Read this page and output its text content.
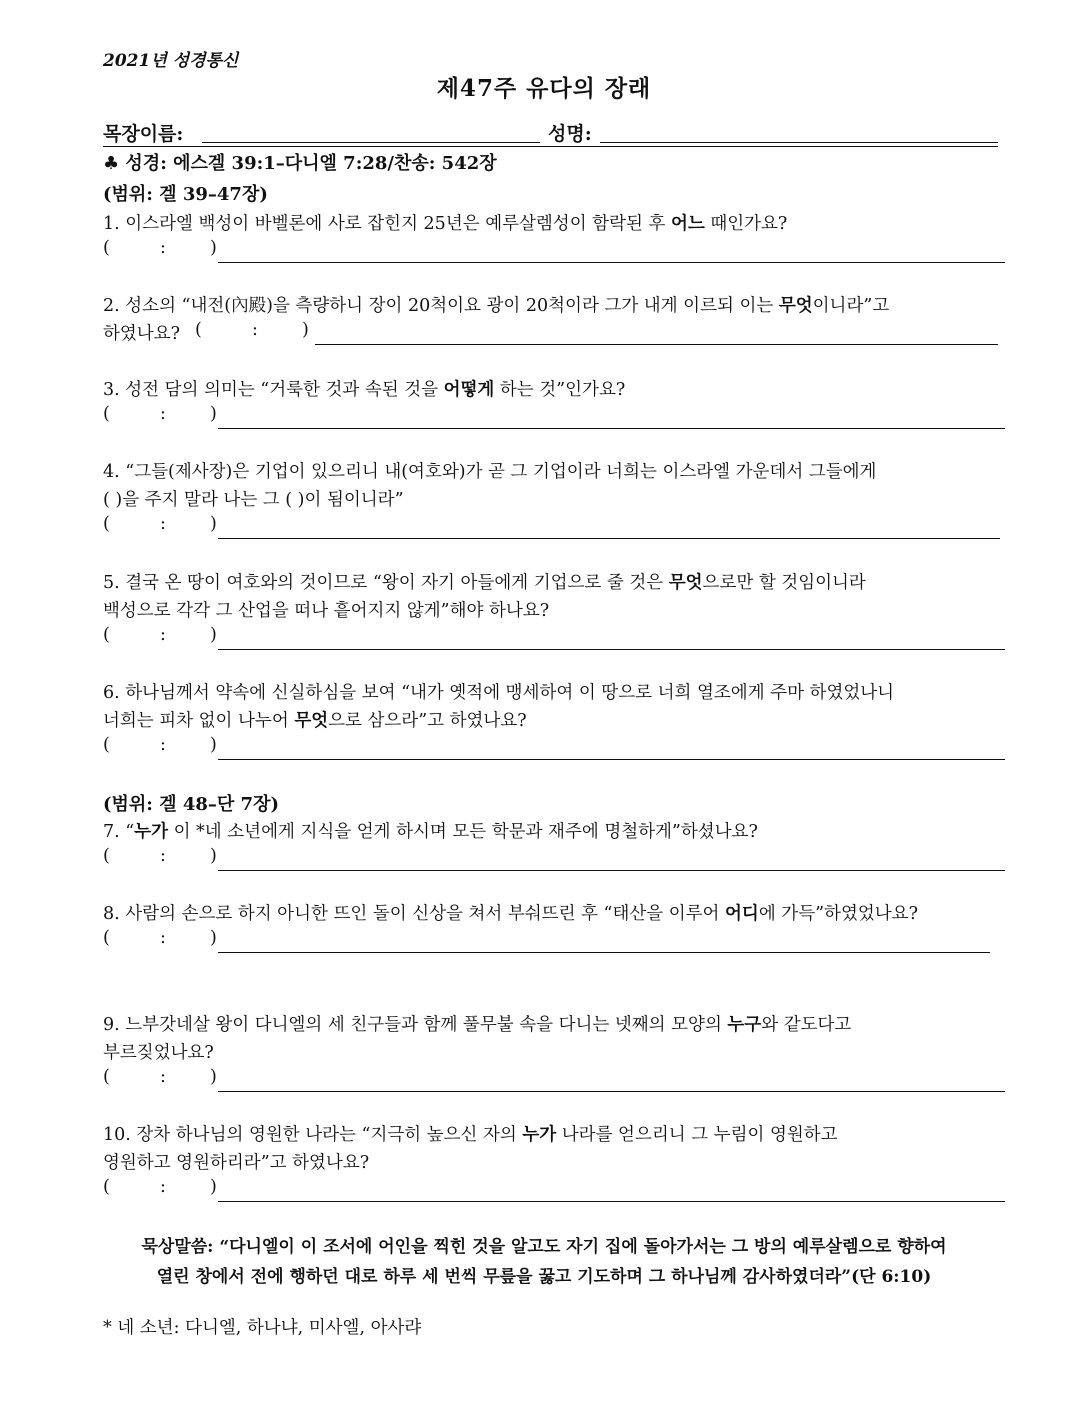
2021년 성경통신
제47주 유다의 장래
목장이름:	성명:
♣ 성경: 에스겔 39:1–다니엘 7:28/찬송: 542장
(범위: 겔 39–47장)
(범위: 겔 48–단 7장)
1. 이스라엘 백성이 바벨론에 사로 잡힌지 25년은 예루살렘성이 함락된 후 어느 때인가요?
(	:	)
2. 성소의 “내전(內殿)을 측량하니 장이 20척이요 광이 20척이라 그가 내게 이르되 이는 무엇이니라”고
하였나요? (	:	)
3. 성전 담의 의미는 “거룩한 것과 속된 것을 어떻게 하는 것”인가요?
(	:	)
4. “그들(제사장)은 기업이 있으리니 내(여호와)가 곧 그 기업이라 너희는 이스라엘 가운데서 그들에게
( )을 주지 말라 나는 그 ( )이 됨이니라”
(	:	)
5. 결국 온 땅이 여호와의 것이므로 “왕이 자기 아들에게 기업으로 줄 것은 무엇으로만 할 것임이니라
백성으로 각각 그 산업을 떠나 흩어지지 않게”해야 하나요?
(	:	)
6. 하나님께서 약속에 신실하심을 보여 “내가 옛적에 맹세하여 이 땅으로 너희 열조에게 주마 하였었나니
너희는 피차 없이 나누어 무엇으로 삼으라”고 하였나요?
(	:	)
7. “누가 이 *네 소년에게 지식을 얻게 하시며 모든 학문과 재주에 명철하게”하셨나요?
(	:	)
8. 사람의 손으로 하지 아니한 뜨인 돌이 신상을 쳐서 부숴뜨린 후 “태산을 이루어 어디에 가득”하였었나요?
(	:	)
9. 느부갓네살 왕이 다니엘의 세 친구들과 함께 풀무불 속을 다니는 넷째의 모양의 누구와 같도다고
부르짖었나요?
(	:	)
10. 장차 하나님의 영원한 나라는 “지극히 높으신 자의 누가 나라를 얻으리니 그 누림이 영원하고
영원하고 영원하리라”고 하였나요?
(	:	)
묵상말씀: “다니엘이 이 조서에 어인을 찍힌 것을 알고도 자기 집에 돌아가서는 그 방의 예루살렘으로 향하여
열린 창에서 전에 행하던 대로 하루 세 번씩 무릎을 꿇고 기도하며 그 하나님께 감사하였더라”(단 6:10)
* 네 소년: 다니엘, 하나냐, 미사엘, 아사랴
